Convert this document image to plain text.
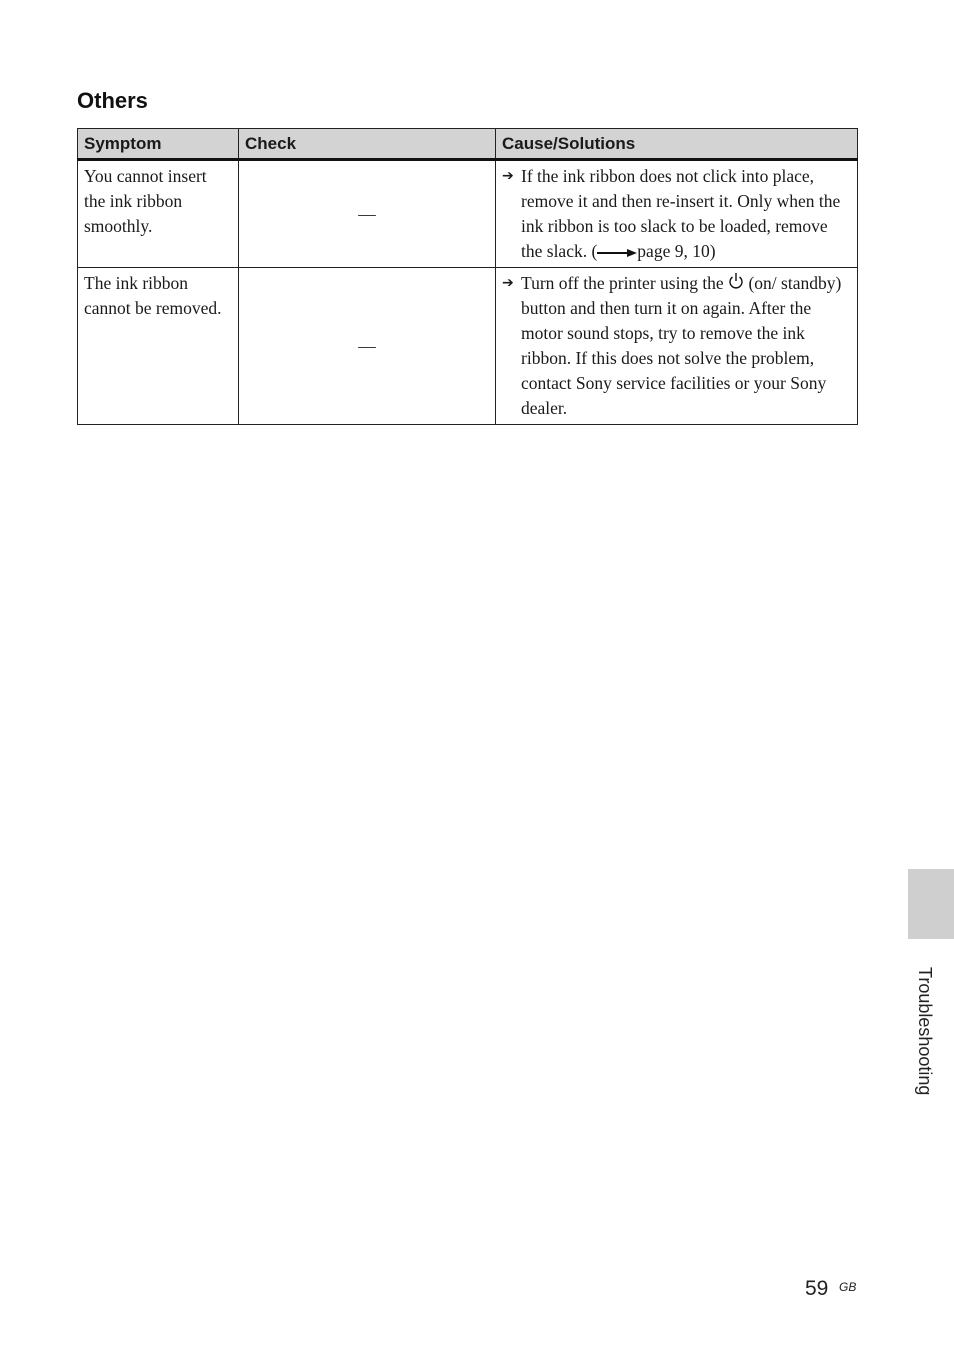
Others
Symptom	Check	Cause/Solutions
You cannot insert the ink ribbon smoothly.	—	➔ If the ink ribbon does not click into place, remove it and then re-insert it. Only when the ink ribbon is too slack to be loaded, remove the slack. ( page 9, 10)

The ink ribbon cannot be removed.	—	➔ Turn off the printer using the (on/ standby) button and then turn it on again. After the motor sound stops, try to remove the ink ribbon. If this does not solve the problem, contact Sony service facilities or your Sony dealer.
Troubleshooting
59 GB
